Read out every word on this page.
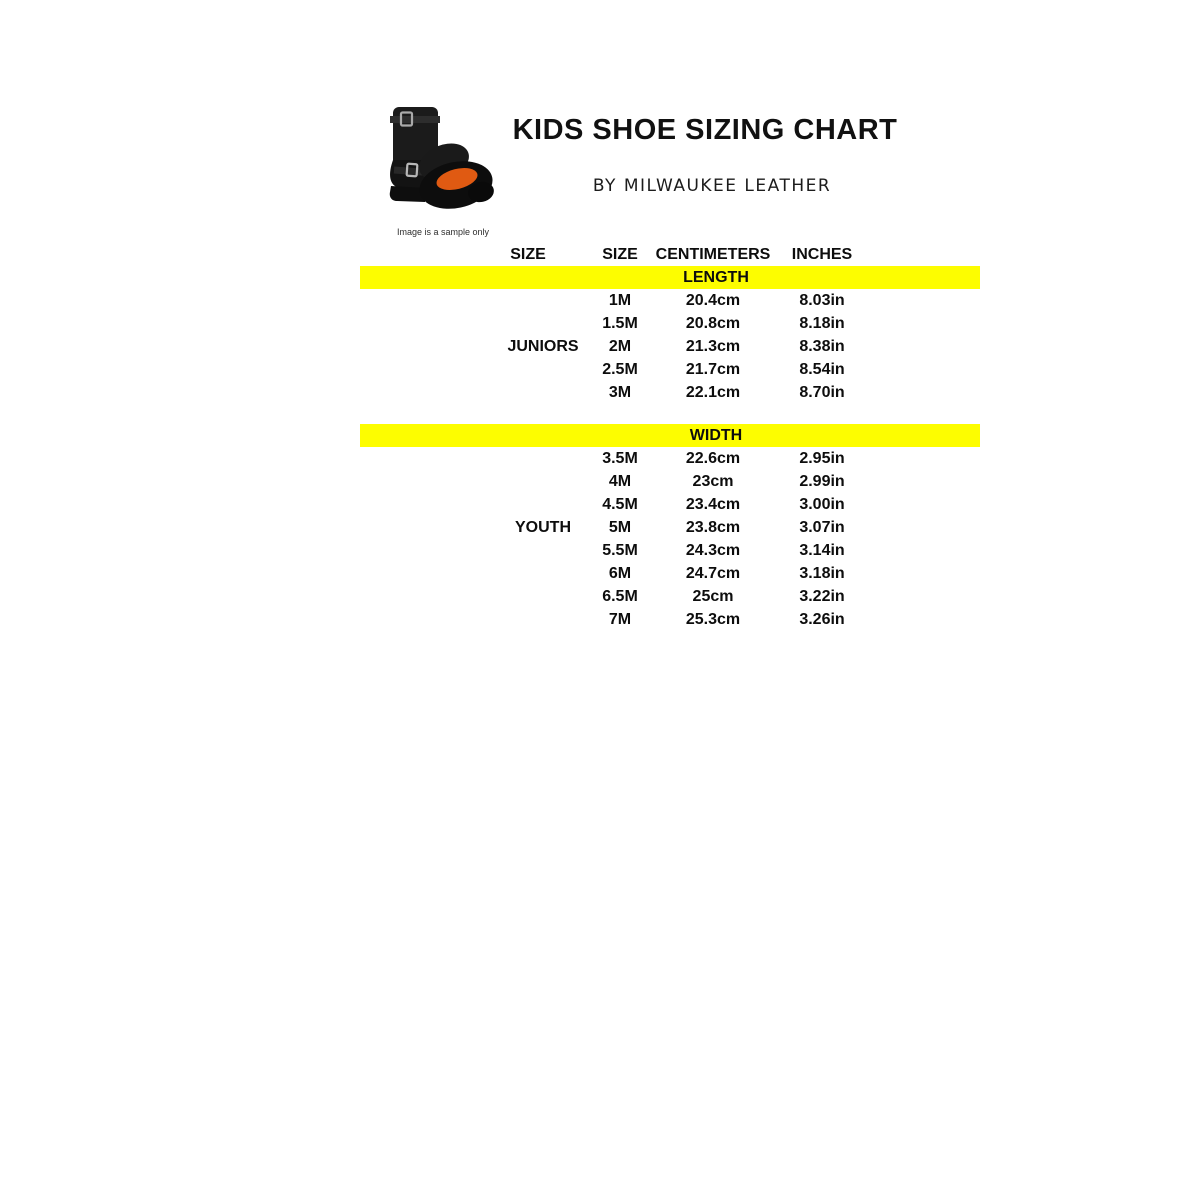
Image is a sample only
KIDS SHOE SIZING CHART
BY MILWAUKEE LEATHER
SIZE	SIZE CENTIMETERS INCHES
LENGTH
1M	20.4cm	8.03in
1.5M	20.8cm	8.18in
JUNIORS 2M	21.3cm	8.38in
2.5M	21.7cm	8.54in
3M	22.1cm	8.70in
WIDTH
3.5M	22.6cm	2.95in
4M	23cm	2.99in
4.5M	23.4cm	3.00in
YOUTH 5M	23.8cm	3.07in
5.5M	24.3cm	3.14in
6M	24.7cm	3.18in
6.5M	25cm	3.22in
7M	25.3cm	3.26in
